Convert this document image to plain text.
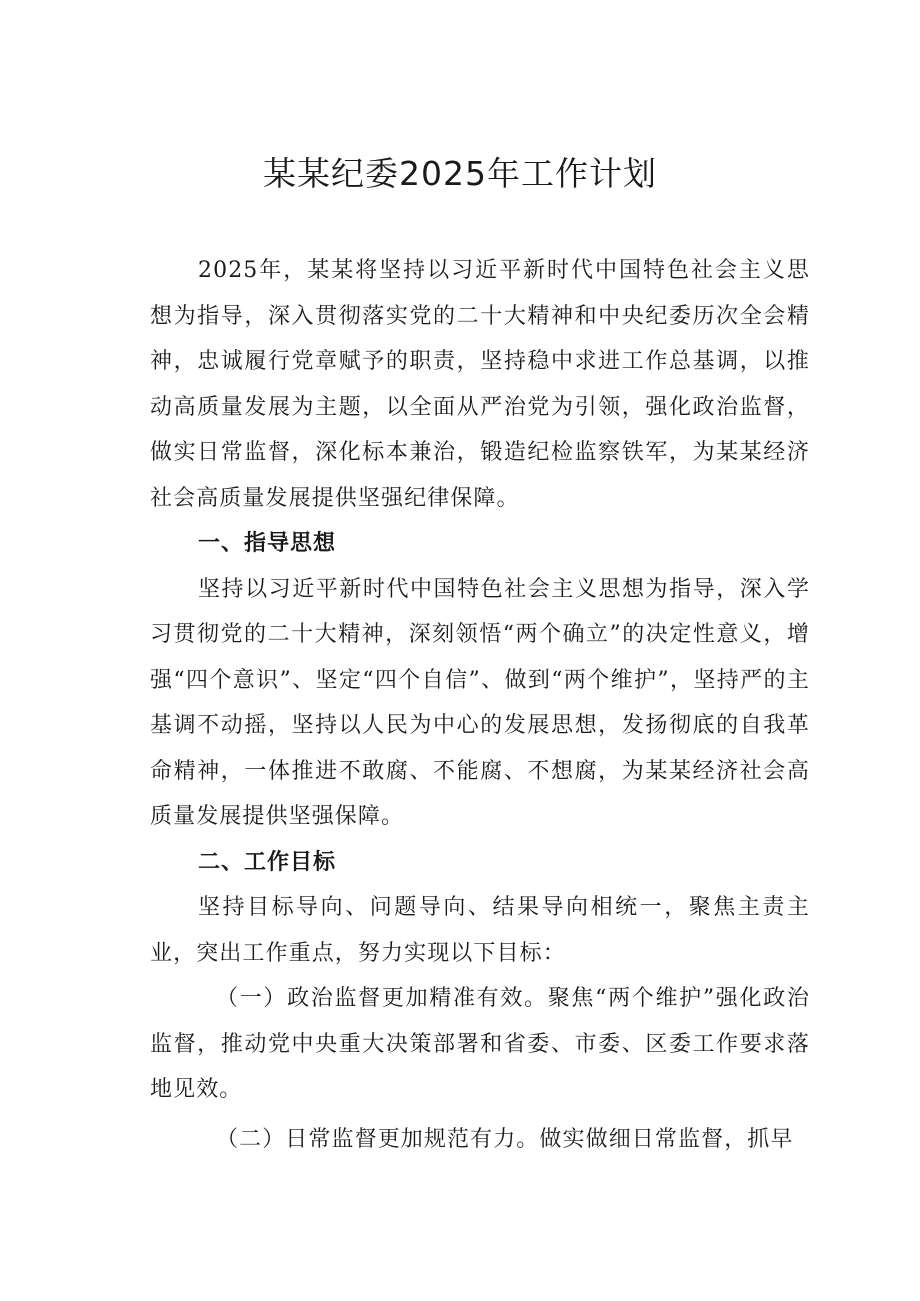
某某纪委2025年工作计划

2025年，某某将坚持以习近平新时代中国特色社会主义思想为指导，深入贯彻落实党的二十大精神和中央纪委历次全会精神，忠诚履行党章赋予的职责，坚持稳中求进工作总基调，以推动高质量发展为主题，以全面从严治党为引领，强化政治监督，做实日常监督，深化标本兼治，锻造纪检监察铁军，为某某经济社会高质量发展提供坚强纪律保障。

一、指导思想

坚持以习近平新时代中国特色社会主义思想为指导，深入学习贯彻党的二十大精神，深刻领悟“两个确立”的决定性意义，增强“四个意识”、坚定“四个自信”、做到“两个维护”，坚持严的主基调不动摇，坚持以人民为中心的发展思想，发扬彻底的自我革命精神，一体推进不敢腐、不能腐、不想腐，为某某经济社会高质量发展提供坚强保障。

二、工作目标

坚持目标导向、问题导向、结果导向相统一，聚焦主责主业，突出工作重点，努力实现以下目标：

（一）政治监督更加精准有效。聚焦“两个维护”强化政治监督，推动党中央重大决策部署和省委、市委、区委工作要求落地见效。

（二）日常监督更加规范有力。做实做细日常监督，抓早
